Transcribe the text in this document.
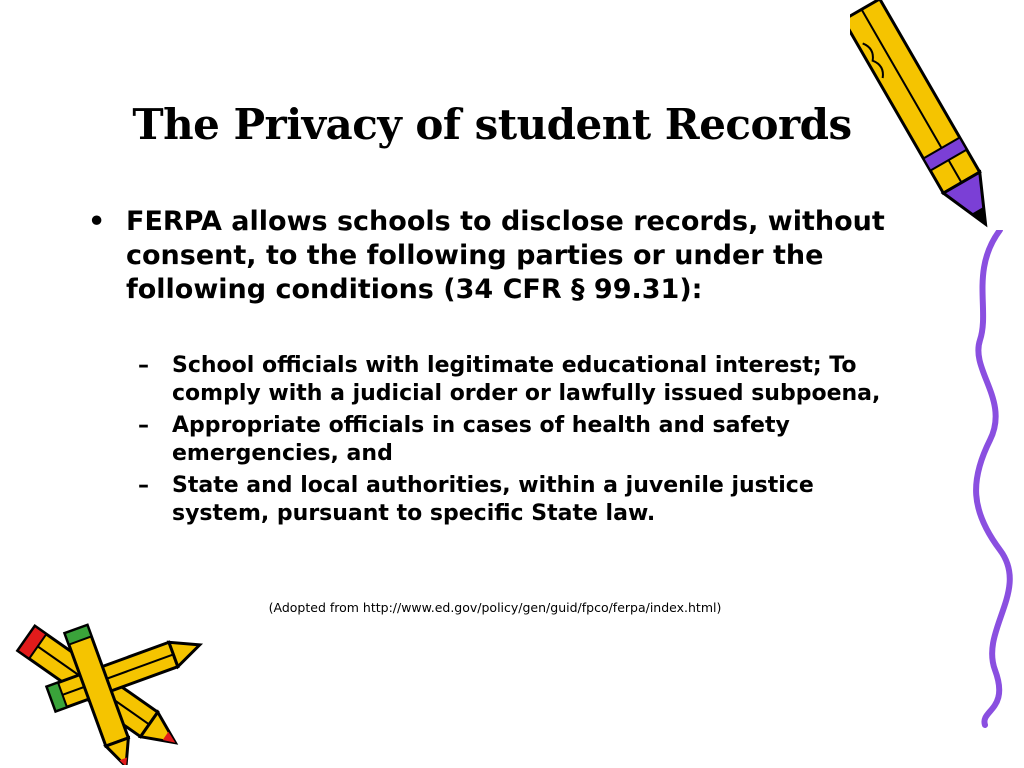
The Privacy of student Records
• FERPA allows schools to disclose records, without consent, to the following parties or under the following conditions (34 CFR § 99.31):
– School officials with legitimate educational interest; To comply with a judicial order or lawfully issued subpoena,
– Appropriate officials in cases of health and safety emergencies, and
– State and local authorities, within a juvenile justice system, pursuant to specific State law.
(Adopted from http://www.ed.gov/policy/gen/guid/fpco/ferpa/index.html)
